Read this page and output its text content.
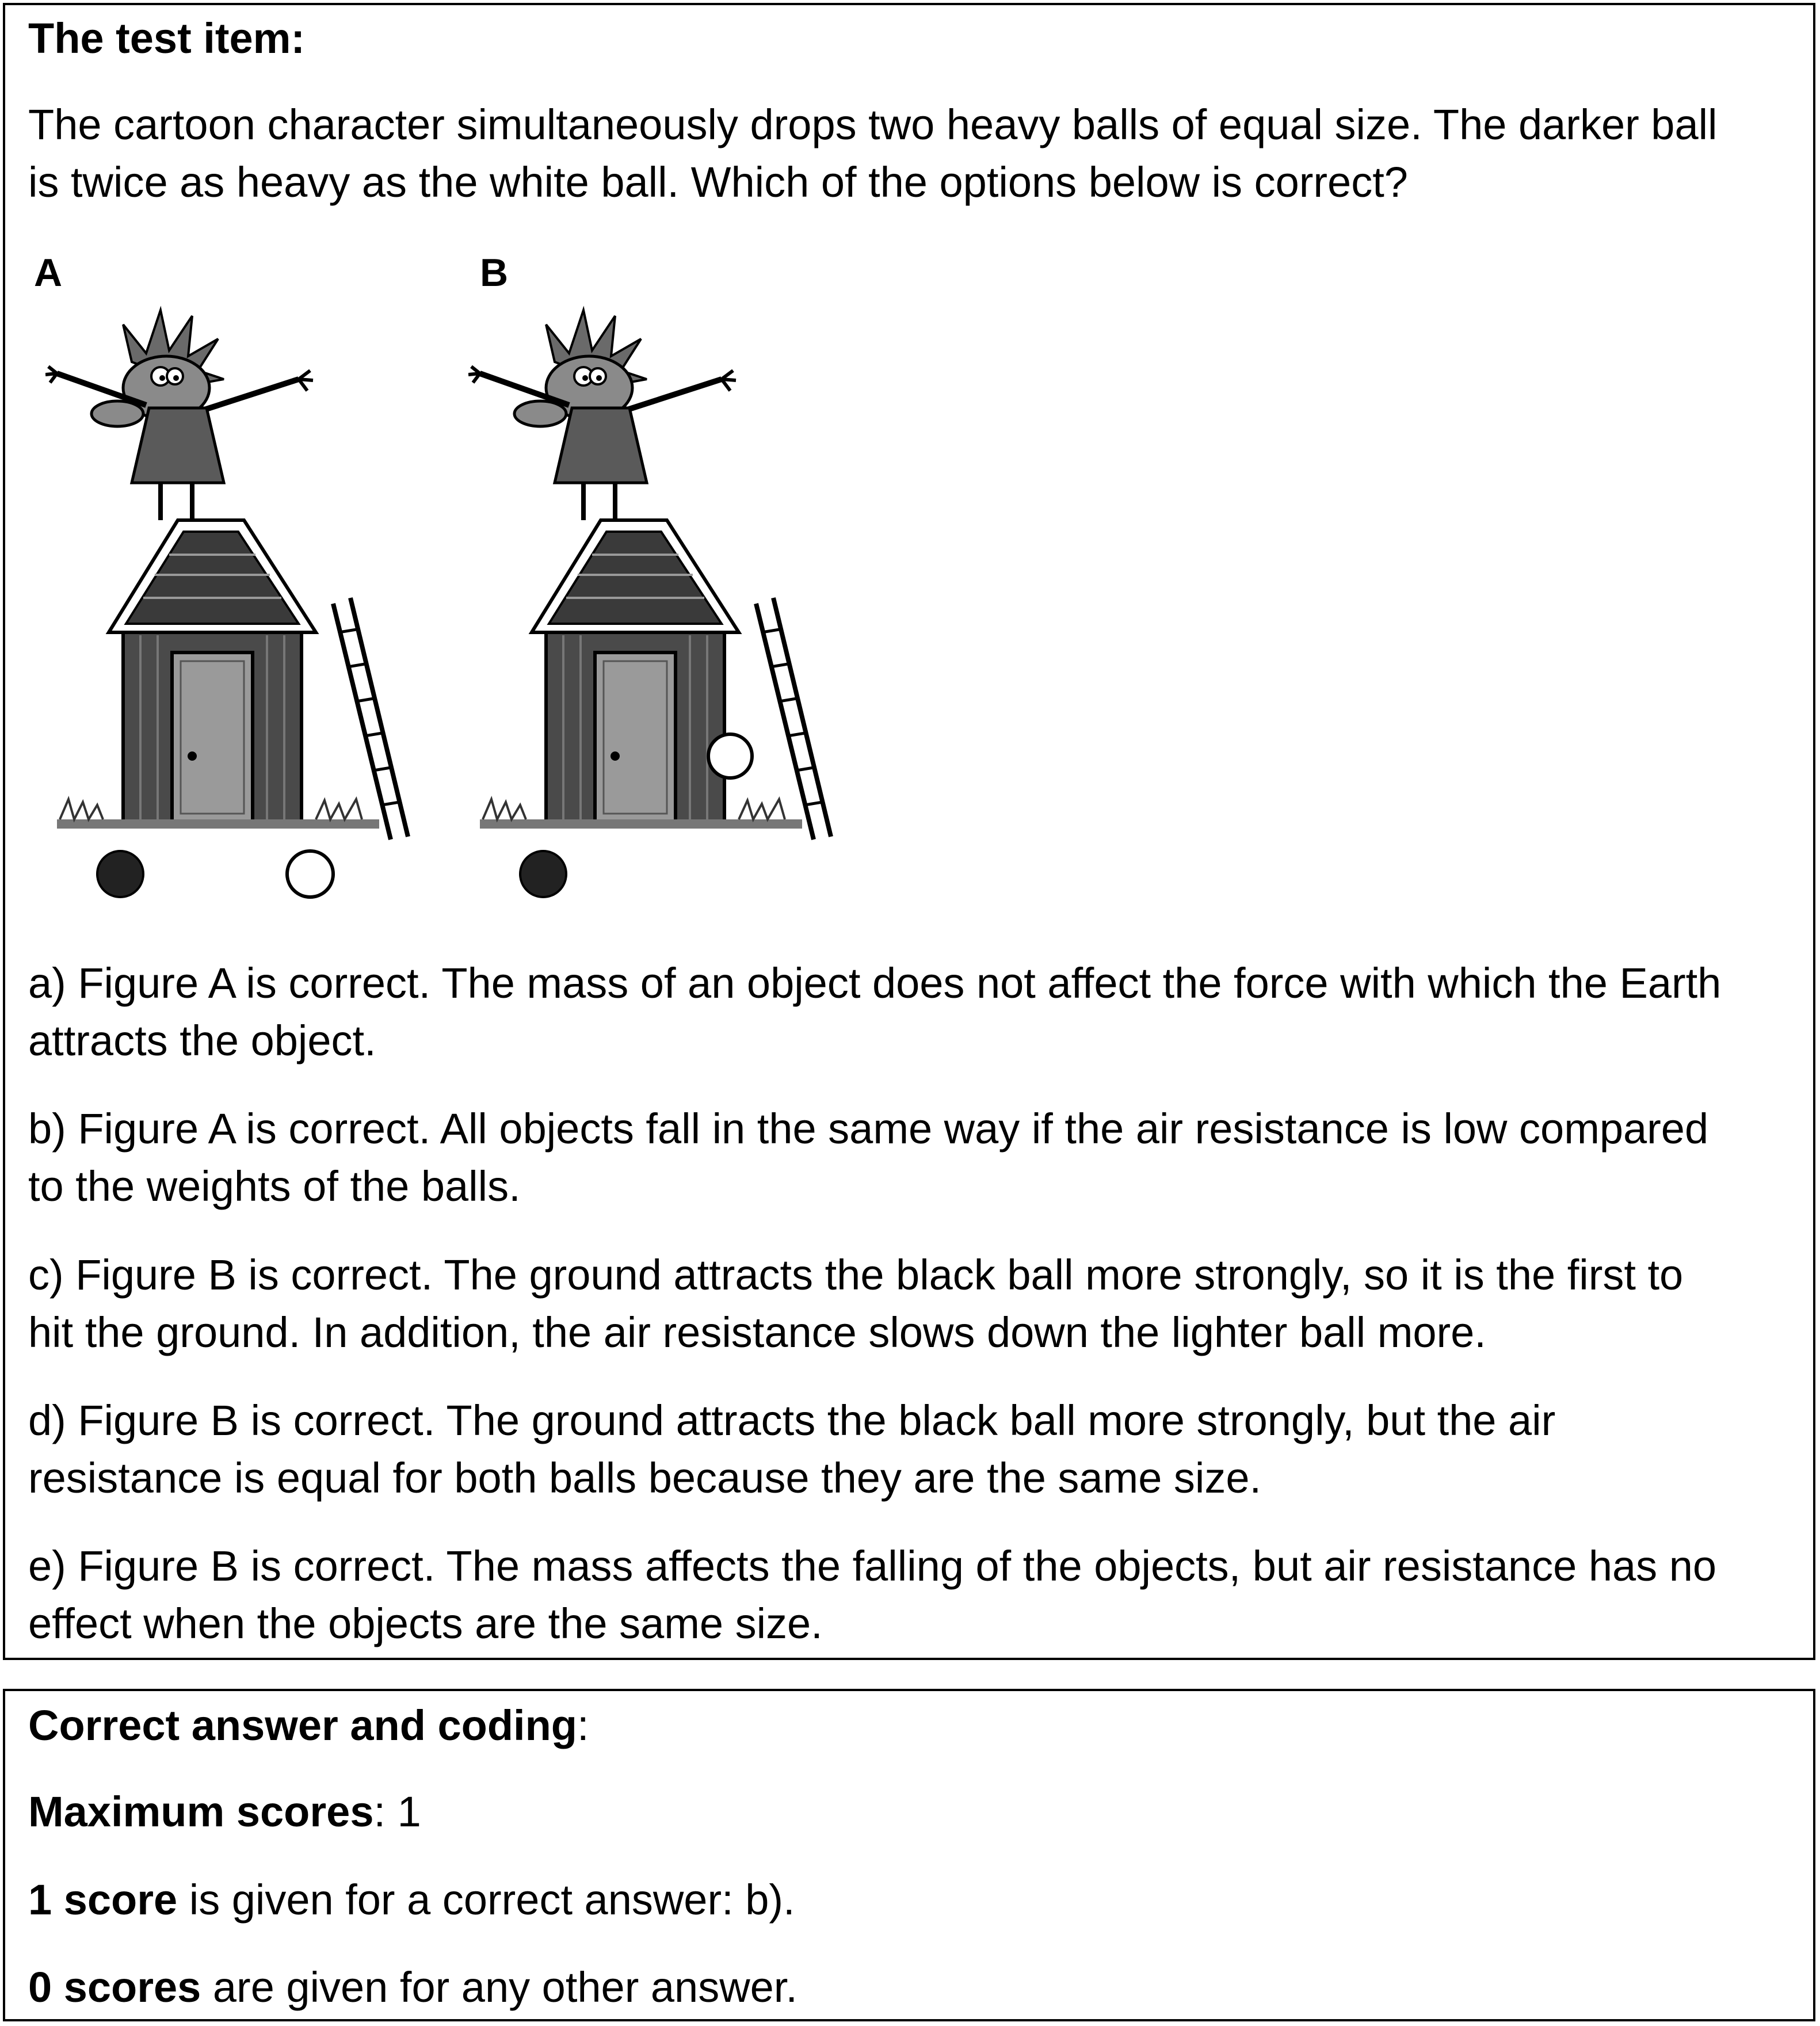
The test item:

The cartoon character simultaneously drops two heavy balls of equal size. The darker ball

is twice as heavy as the white ball. Which of the options below is correct?

A	B

a) Figure A is correct. The mass of an object does not affect the force with which the Earth

attracts the object.

b) Figure A is correct. All objects fall in the same way if the air resistance is low compared

to the weights of the balls.

c) Figure B is correct. The ground attracts the black ball more strongly, so it is the first to

hit the ground. In addition, the air resistance slows down the lighter ball more.

d) Figure B is correct. The ground attracts the black ball more strongly, but the air

resistance is equal for both balls because they are the same size.

e) Figure B is correct. The mass affects the falling of the objects, but air resistance has no

effect when the objects are the same size.

Correct answer and coding:

Maximum scores: 1

1 score is given for a correct answer: b).

0 scores are given for any other answer.
